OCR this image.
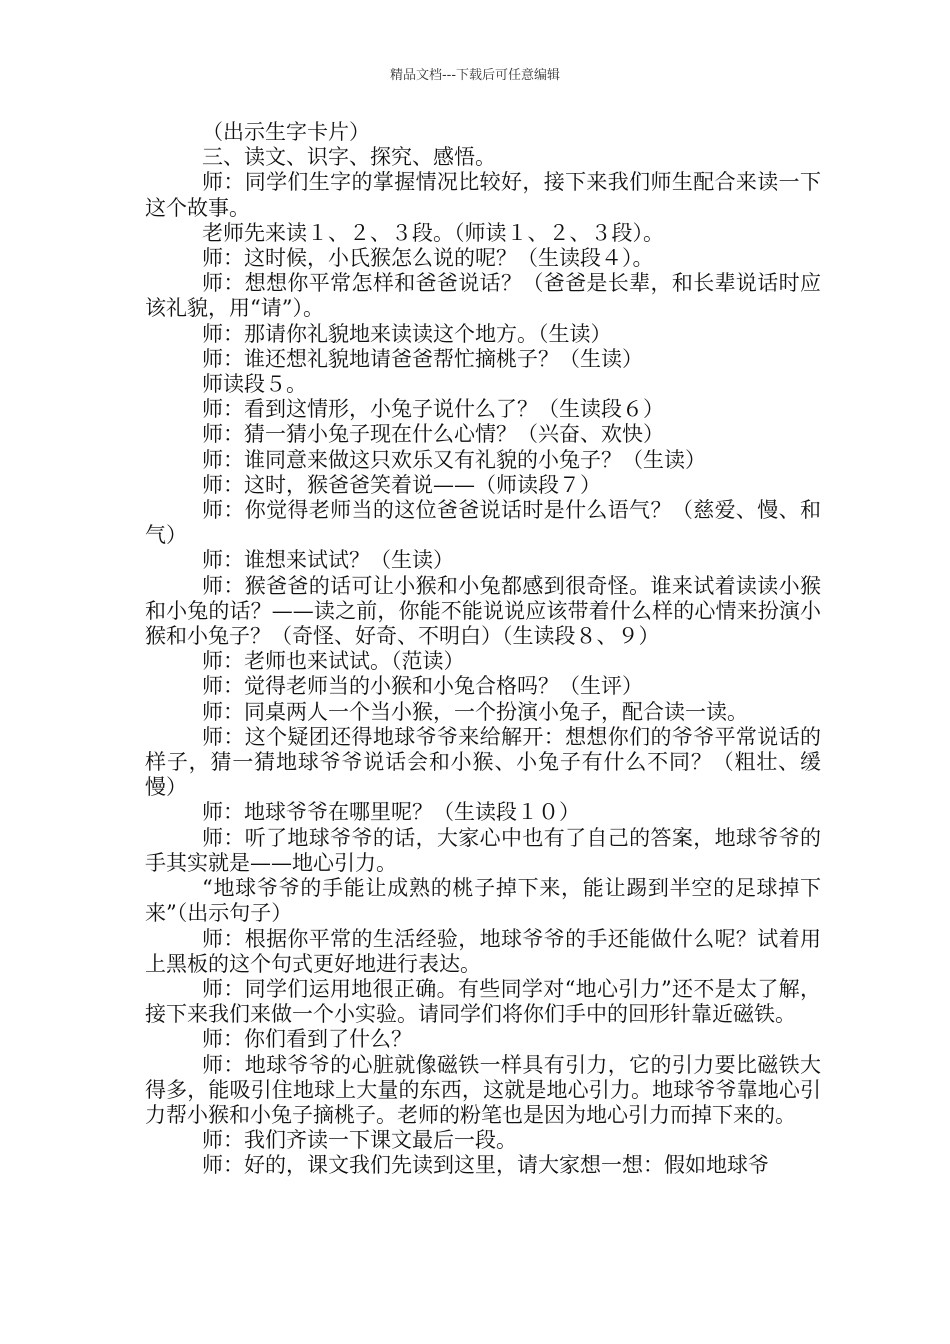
精品文档---下载后可任意编辑

（出示生字卡片）

三、读文、识字、探究、感悟。

师：同学们生字的掌握情况比较好，接下来我们师生配合来读一下这个故事。

老师先来读１、２、３段。（师读１、２、３段）。

师：这时候，小氏猴怎么说的呢？（生读段４）。

师：想想你平常怎样和爸爸说话？（爸爸是长辈，和长辈说话时应该礼貌，用“请”）。

师：那请你礼貌地来读读这个地方。（生读）

师：谁还想礼貌地请爸爸帮忙摘桃子？（生读）

师读段５。

师：看到这情形，小兔子说什么了？（生读段６）

师：猜一猜小兔子现在什么心情？（兴奋、欢快）

师：谁同意来做这只欢乐又有礼貌的小兔子？（生读）

师：这时，猴爸爸笑着说——（师读段７）

师：你觉得老师当的这位爸爸说话时是什么语气？（慈爱、慢、和气）

师：谁想来试试？（生读）

师：猴爸爸的话可让小猴和小兔都感到很奇怪。谁来试着读读小猴和小兔的话？——读之前，你能不能说说应该带着什么样的心情来扮演小猴和小兔子？（奇怪、好奇、不明白）（生读段８、９）

师：老师也来试试。（范读）

师：觉得老师当的小猴和小兔合格吗？（生评）

师：同桌两人一个当小猴，一个扮演小兔子，配合读一读。

师：这个疑团还得地球爷爷来给解开：想想你们的爷爷平常说话的样子，猜一猜地球爷爷说话会和小猴、小兔子有什么不同？（粗壮、缓慢）

师：地球爷爷在哪里呢？（生读段１０）

师：听了地球爷爷的话，大家心中也有了自己的答案，地球爷爷的手其实就是——地心引力。

“地球爷爷的手能让成熟的桃子掉下来，能让踢到半空的足球掉下来”（出示句子）

师：根据你平常的生活经验，地球爷爷的手还能做什么呢？试着用上黑板的这个句式更好地进行表达。

师：同学们运用地很正确。有些同学对“地心引力”还不是太了解，接下来我们来做一个小实验。请同学们将你们手中的回形针靠近磁铁。

师：你们看到了什么？

师：地球爷爷的心脏就像磁铁一样具有引力，它的引力要比磁铁大得多，能吸引住地球上大量的东西，这就是地心引力。地球爷爷靠地心引力帮小猴和小兔子摘桃子。老师的粉笔也是因为地心引力而掉下来的。

师：我们齐读一下课文最后一段。

师：好的，课文我们先读到这里，请大家想一想：假如地球爷
